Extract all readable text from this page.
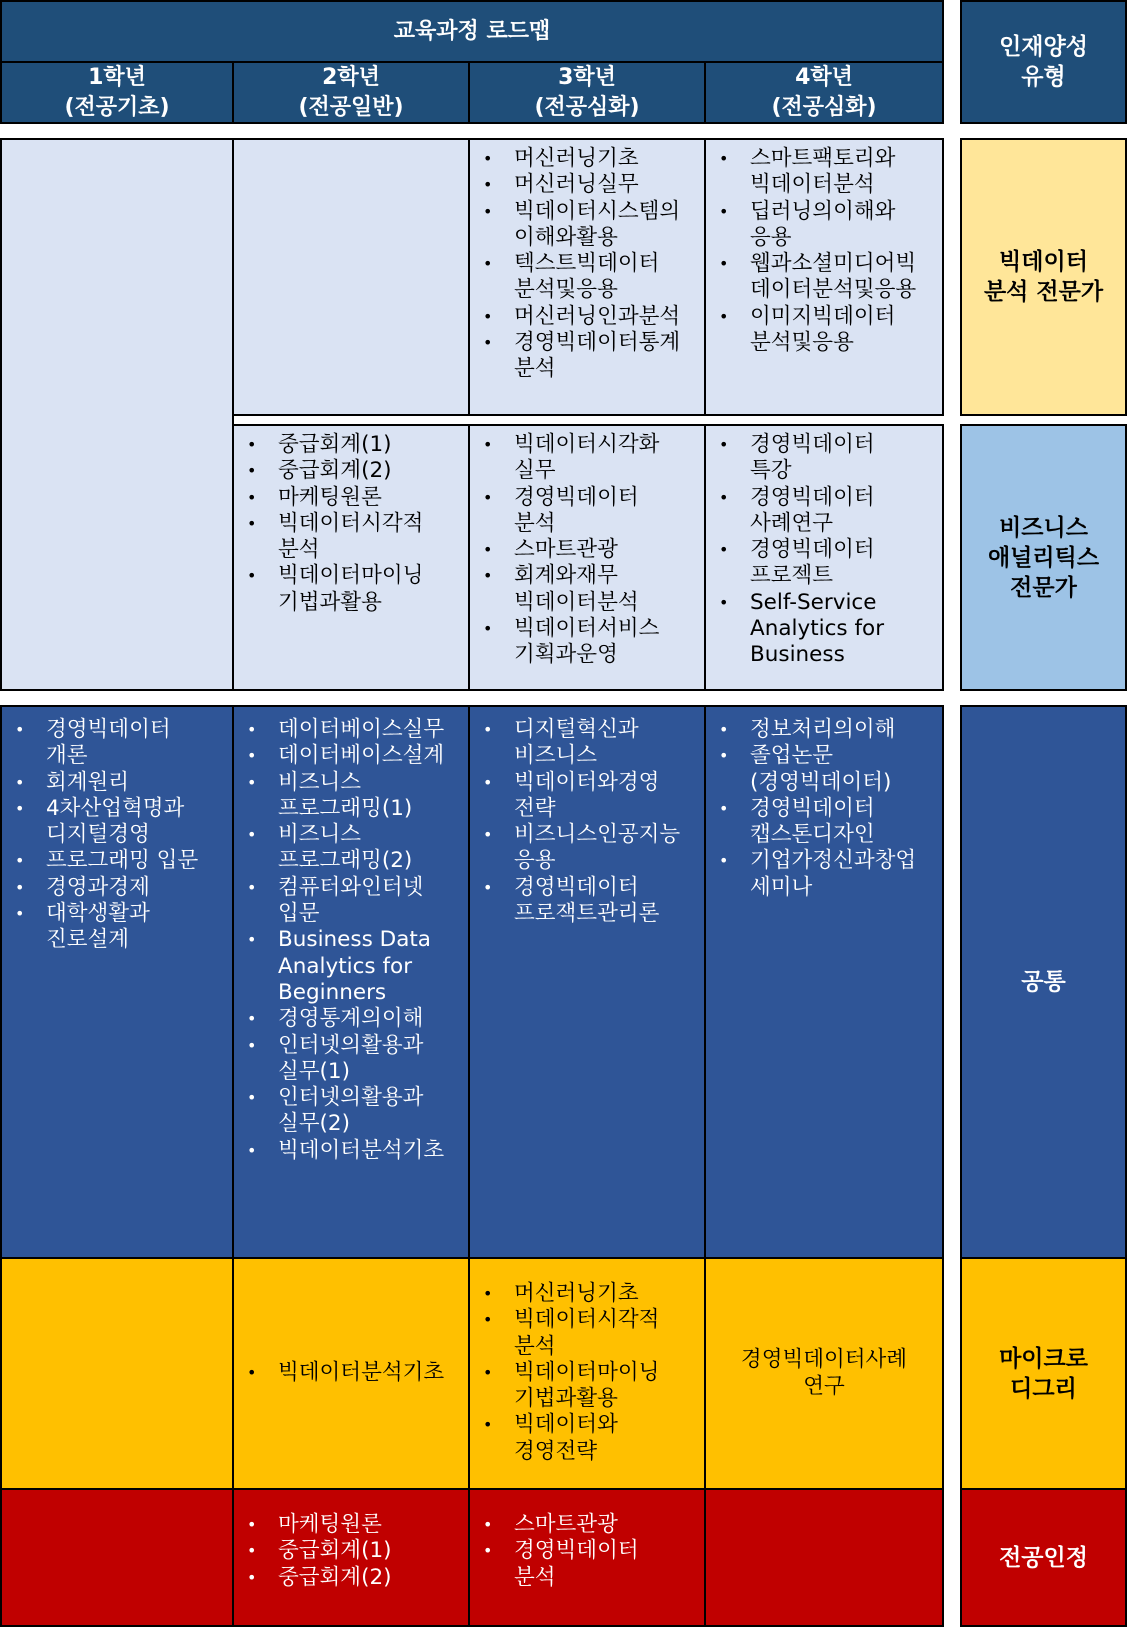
교육과정 로드맵
1학년
(전공기초)
2학년
(전공일반)
3학년
(전공심화)
4학년
(전공심화)
인재양성
유형
• 머신러닝기초
• 머신러닝실무
• 빅데이터시스템의
이해와활용
• 텍스트빅데이터
분석및응용
• 머신러닝인과분석
• 경영빅데이터통계
분석
• 스마트팩토리와
빅데이터분석
• 딥러닝의이해와
응용
• 웹과소셜미디어빅
데이터분석및응용
• 이미지빅데이터
분석및응용
• 중급회계(1)
• 중급회계(2)
• 마케팅원론
• 빅데이터시각적
분석
• 빅데이터마이닝
기법과활용
• 빅데이터시각화
실무
• 경영빅데이터
분석
• 스마트관광
• 회계와재무
빅데이터분석
• 빅데이터서비스
기획과운영
• 경영빅데이터
특강
• 경영빅데이터
사례연구
• 경영빅데이터
프로젝트
• Self-Service
Analytics for
Business
• 경영빅데이터
개론
• 회계원리
• 4차산업혁명과
디지털경영
• 프로그래밍 입문
• 경영과경제
• 대학생활과
진로설계
• 데이터베이스실무
• 데이터베이스설계
• 비즈니스
프로그래밍(1)
• 비즈니스
프로그래밍(2)
• 컴퓨터와인터넷
입문
• Business Data
Analytics for
Beginners
• 경영통계의이해
• 인터넷의활용과
실무(1)
• 인터넷의활용과
실무(2)
• 빅데이터분석기초
• 디지털혁신과
비즈니스
• 빅데이터와경영
전략
• 비즈니스인공지능
응용
• 경영빅데이터
프로잭트관리론
• 정보처리의이해
• 졸업논문
(경영빅데이터)
• 경영빅데이터
캡스톤디자인
• 기업가정신과창업
세미나
• 빅데이터분석기초
• 머신러닝기초
• 빅데이터시각적
분석
• 빅데이터마이닝
기법과활용
• 빅데이터와
경영전략
경영빅데이터사례
연구
• 마케팅원론
• 중급회계(1)
• 중급회계(2)
• 스마트관광
• 경영빅데이터
분석
빅데이터
분석 전문가
비즈니스
애널리틱스
전문가
공통
마이크로
디그리
전공인정
